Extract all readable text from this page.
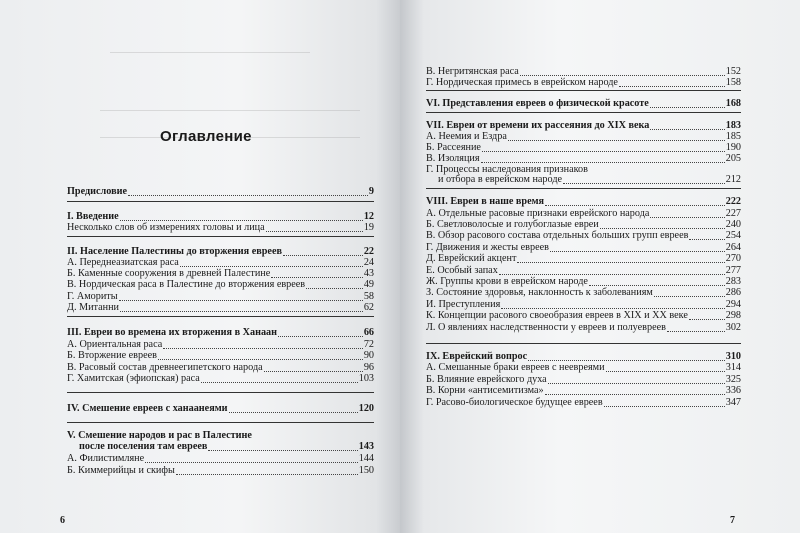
Оглавление
Предисловие	9
I. Введение	12
Несколько слов об измерениях головы и лица	19
II. Население Палестины до вторжения евреев	22
А. Переднеазиатская раса	24
Б. Каменные сооружения в древней Палестине	43
В. Нордическая раса в Палестине до вторжения евреев	49
Г. Амориты	58
Д. Митанни	62
III. Евреи во времена их вторжения в Ханаан	66
А. Ориентальная раса	72
Б. Вторжение евреев	90
В. Расовый состав древнеегипетского народа	96
Г. Хамитская (эфиопская) раса	103
IV. Смешение евреев с ханаанеями	120
V. Смешение народов и рас в Палестине
после поселения там евреев	143
А. Филистимляне	144
Б. Киммерийцы и скифы	150
6
В. Негритянская раса	152
Г. Нордическая примесь в еврейском народе	158
VI. Представления евреев о физической красоте	168
VII. Евреи от времени их рассеяния до XIX века	183
А. Неемия и Ездра	185
Б. Рассеяние	190
В. Изоляция	205
Г. Процессы наследования признаков
и отбора в еврейском народе	212
VIII. Евреи в наше время	222
А. Отдельные расовые признаки еврейского народа	227
Б. Светловолосые и голубоглазые евреи	240
В. Обзор расового состава отдельных больших групп евреев	254
Г. Движения и жесты евреев	264
Д. Еврейский акцент	270
Е. Особый запах	277
Ж. Группы крови в еврейском народе	283
З. Состояние здоровья, наклонность к заболеваниям	286
И. Преступления	294
К. Концепции расового своеобразия евреев в XIX и XX веке	298
Л. О явлениях наследственности у евреев и полуевреев	302
IX. Еврейский вопрос	310
А. Смешанные браки евреев с неевреями	314
Б. Влияние еврейского духа	325
В. Корни «антисемитизма»	336
Г. Расово-биологическое будущее евреев	347
7
